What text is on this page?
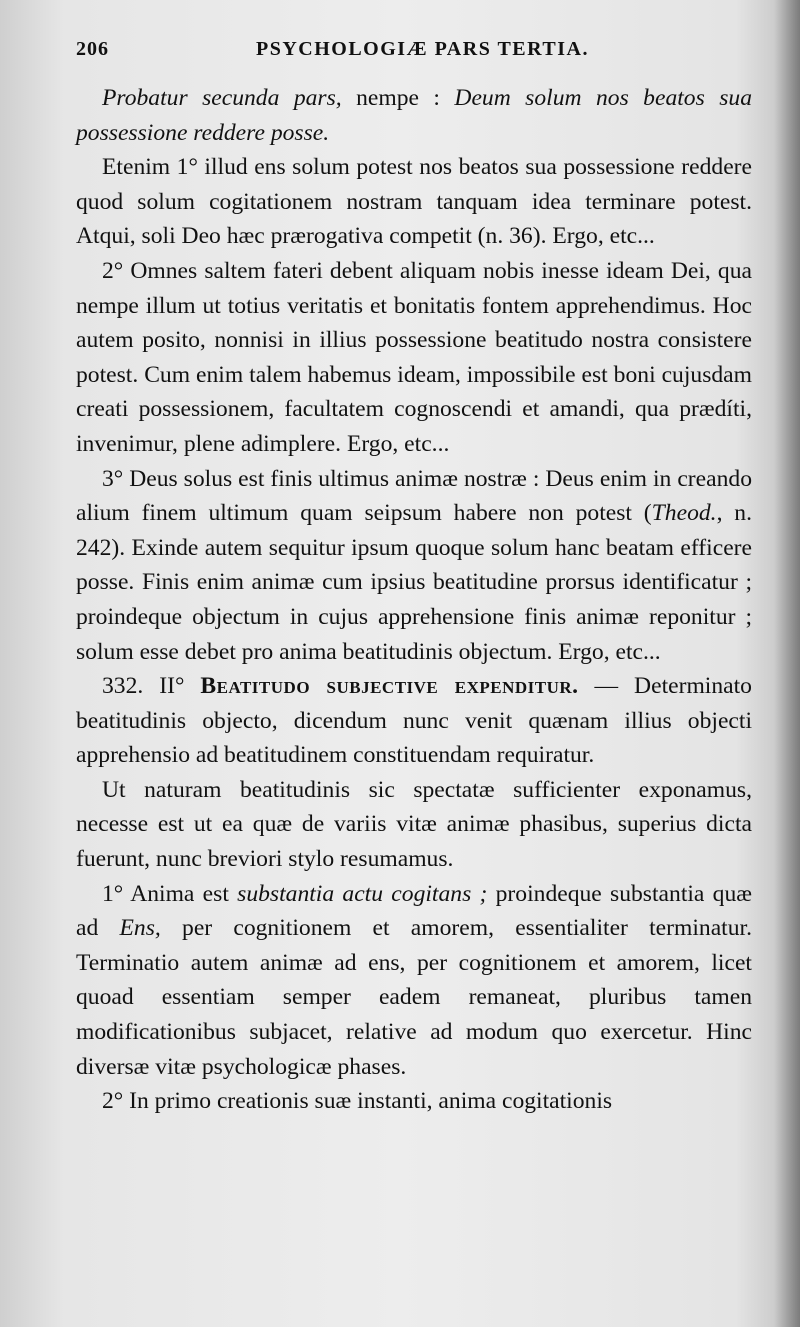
206	PSYCHOLOGIÆ PARS TERTIA.

Probatur secunda pars, nempe : Deum solum nos beatos sua possessione reddere posse.

Etenim 1° illud ens solum potest nos beatos sua possessione reddere quod solum cogitationem nostram tanquam idea terminare potest. Atqui, soli Deo hæc prærogativa competit (n. 36). Ergo, etc...

2° Omnes saltem fateri debent aliquam nobis inesse ideam Dei, qua nempe illum ut totius veritatis et bonitatis fontem apprehendimus. Hoc autem posito, nonnisi in illius possessione beatitudo nostra consistere potest. Cum enim talem habemus ideam, impossibile est boni cujusdam creati possessionem, facultatem cognoscendi et amandi, qua prædíti, invenimur, plene adimplere. Ergo, etc...

3° Deus solus est finis ultimus animæ nostræ : Deus enim in creando alium finem ultimum quam seipsum habere non potest (Theod., n. 242). Exinde autem sequitur ipsum quoque solum hanc beatam efficere posse. Finis enim animæ cum ipsius beatitudine prorsus identificatur ; proindeque objectum in cujus apprehensione finis animæ reponitur ; solum esse debet pro anima beatitudinis objectum. Ergo, etc...

332. II° Beatitudo subjective expenditur. — Determinato beatitudinis objecto, dicendum nunc venit quænam illius objecti apprehensio ad beatitudinem constituendam requiratur.

Ut naturam beatitudinis sic spectatæ sufficienter exponamus, necesse est ut ea quæ de variis vitæ animæ phasibus, superius dicta fuerunt, nunc breviori stylo resumamus.

1° Anima est substantia actu cogitans ; proindeque substantia quæ ad Ens, per cognitionem et amorem, essentialiter terminatur. Terminatio autem animæ ad ens, per cognitionem et amorem, licet quoad essentiam semper eadem remaneat, pluribus tamen modificationibus subjacet, relative ad modum quo exercetur. Hinc diversæ vitæ psychologicæ phases.

2° In primo creationis suæ instanti, anima cogitationis
